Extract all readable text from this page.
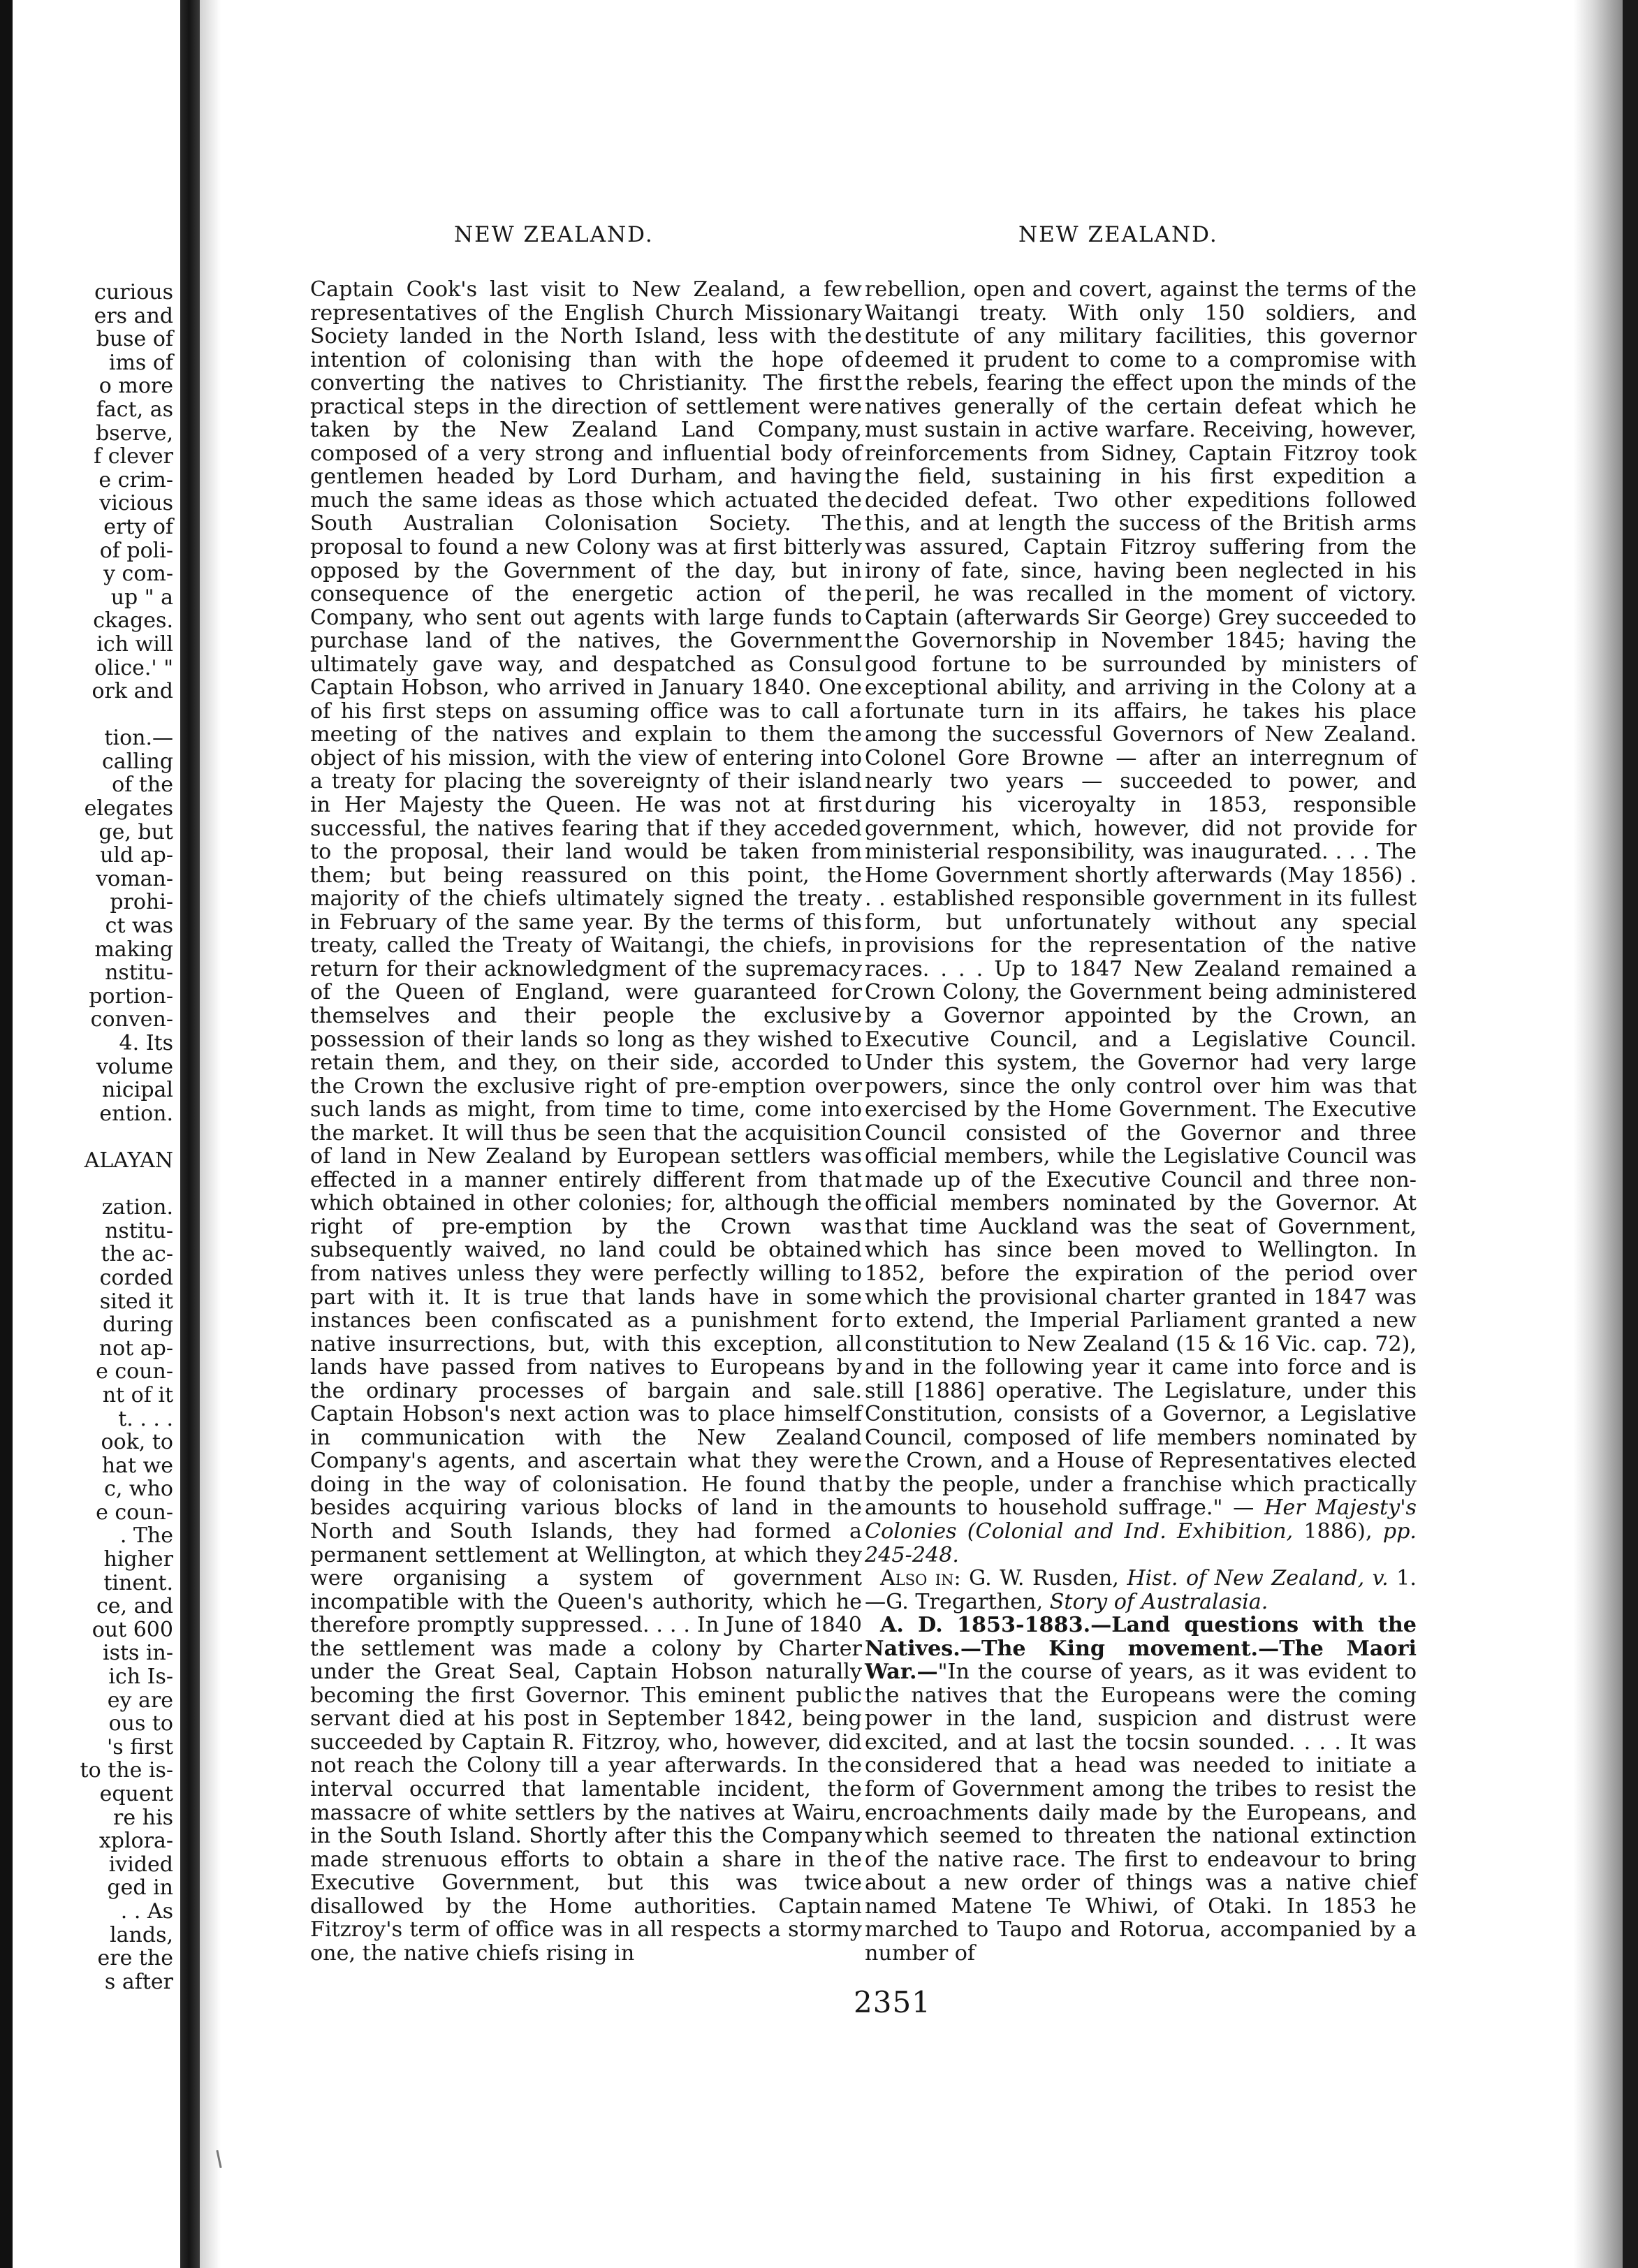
curious
ers and
buse of
ims of
o more
fact, as
bserve,
f clever
e crim-
vicious
erty of
of poli-
y com-
up " a
ckages.
ich will
olice.' "
ork and
tion.—
calling
of the
elegates
ge, but
uld ap-
voman-
prohi-
ct was
making
nstitu-
portion-
conven-
4. Its
volume
nicipal
ention.
ALAYAN
zation.
nstitu-
the ac-
corded
sited it
during
not ap-
e coun-
nt of it
t. . . .
ook, to
hat we
c, who
e coun-
. The
higher
tinent.
ce, and
out 600
ists in-
ich Is-
ey are
ous to
's first
to the is-
equent
re his
xplora-
ivided
ged in
. . As
lands,
ere the
s after
NEW ZEALAND.	NEW ZEALAND.

Captain Cook's last visit to New Zealand, a few representatives of the English Church Missionary Society landed in the North Island, less with the intention of colonising than with the hope of converting the natives to Christianity. The first practical steps in the direction of settlement were taken by the New Zealand Land Company, composed of a very strong and influential body of gentlemen headed by Lord Durham, and having much the same ideas as those which actuated the South Australian Colonisation Society. The proposal to found a new Colony was at first bitterly opposed by the Government of the day, but in consequence of the energetic action of the Company, who sent out agents with large funds to purchase land of the natives, the Government ultimately gave way, and despatched as Consul Captain Hobson, who arrived in January 1840. One of his first steps on assuming office was to call a meeting of the natives and explain to them the object of his mission, with the view of entering into a treaty for placing the sovereignty of their island in Her Majesty the Queen. He was not at first successful, the natives fearing that if they acceded to the proposal, their land would be taken from them; but being reassured on this point, the majority of the chiefs ultimately signed the treaty in February of the same year. By the terms of this treaty, called the Treaty of Waitangi, the chiefs, in return for their acknowledgment of the supremacy of the Queen of England, were guaranteed for themselves and their people the exclusive possession of their lands so long as they wished to retain them, and they, on their side, accorded to the Crown the exclusive right of pre-emption over such lands as might, from time to time, come into the market. It will thus be seen that the acquisition of land in New Zealand by European settlers was effected in a manner entirely different from that which obtained in other colonies; for, although the right of pre-emption by the Crown was subsequently waived, no land could be obtained from natives unless they were perfectly willing to part with it. It is true that lands have in some instances been confiscated as a punishment for native insurrections, but, with this exception, all lands have passed from natives to Europeans by the ordinary processes of bargain and sale. Captain Hobson's next action was to place himself in communication with the New Zealand Company's agents, and ascertain what they were doing in the way of colonisation. He found that besides acquiring various blocks of land in the North and South Islands, they had formed a permanent settlement at Wellington, at which they were organising a system of government incompatible with the Queen's authority, which he therefore promptly suppressed. . . . In June of 1840 the settlement was made a colony by Charter under the Great Seal, Captain Hobson naturally becoming the first Governor. This eminent public servant died at his post in September 1842, being succeeded by Captain R. Fitzroy, who, however, did not reach the Colony till a year afterwards. In the interval occurred that lamentable incident, the massacre of white settlers by the natives at Wairu, in the South Island. Shortly after this the Company made strenuous efforts to obtain a share in the Executive Government, but this was twice disallowed by the Home authorities. Captain Fitzroy's term of office was in all respects a stormy one, the native chiefs rising in

rebellion, open and covert, against the terms of the Waitangi treaty. With only 150 soldiers, and destitute of any military facilities, this governor deemed it prudent to come to a compromise with the rebels, fearing the effect upon the minds of the natives generally of the certain defeat which he must sustain in active warfare. Receiving, however, reinforcements from Sidney, Captain Fitzroy took the field, sustaining in his first expedition a decided defeat. Two other expeditions followed this, and at length the success of the British arms was assured, Captain Fitzroy suffering from the irony of fate, since, having been neglected in his peril, he was recalled in the moment of victory. Captain (afterwards Sir George) Grey succeeded to the Governorship in November 1845; having the good fortune to be surrounded by ministers of exceptional ability, and arriving in the Colony at a fortunate turn in its affairs, he takes his place among the successful Governors of New Zealand. Colonel Gore Browne — after an interregnum of nearly two years — succeeded to power, and during his viceroyalty in 1853, responsible government, which, however, did not provide for ministerial responsibility, was inaugurated. . . . The Home Government shortly afterwards (May 1856) . . . established responsible government in its fullest form, but unfortunately without any special provisions for the representation of the native races. . . . Up to 1847 New Zealand remained a Crown Colony, the Government being administered by a Governor appointed by the Crown, an Executive Council, and a Legislative Council. Under this system, the Governor had very large powers, since the only control over him was that exercised by the Home Government. The Executive Council consisted of the Governor and three official members, while the Legislative Council was made up of the Executive Council and three non-official members nominated by the Governor. At that time Auckland was the seat of Government, which has since been moved to Wellington. In 1852, before the expiration of the period over which the provisional charter granted in 1847 was to extend, the Imperial Parliament granted a new constitution to New Zealand (15 & 16 Vic. cap. 72), and in the following year it came into force and is still [1886] operative. The Legislature, under this Constitution, consists of a Governor, a Legislative Council, composed of life members nominated by the Crown, and a House of Representatives elected by the people, under a franchise which practically amounts to household suffrage." — Her Majesty's Colonies (Colonial and Ind. Exhibition, 1886), pp. 245-248.

Also in: G. W. Rusden, Hist. of New Zealand, v. 1.—G. Tregarthen, Story of Australasia.

A. D. 1853-1883.—Land questions with the Natives.—The King movement.—The Maori War.—"In the course of years, as it was evident to the natives that the Europeans were the coming power in the land, suspicion and distrust were excited, and at last the tocsin sounded. . . . It was considered that a head was needed to initiate a form of Government among the tribes to resist the encroachments daily made by the Europeans, and which seemed to threaten the national extinction of the native race. The first to endeavour to bring about a new order of things was a native chief named Matene Te Whiwi, of Otaki. In 1853 he marched to Taupo and Rotorua, accompanied by a number of

2351
